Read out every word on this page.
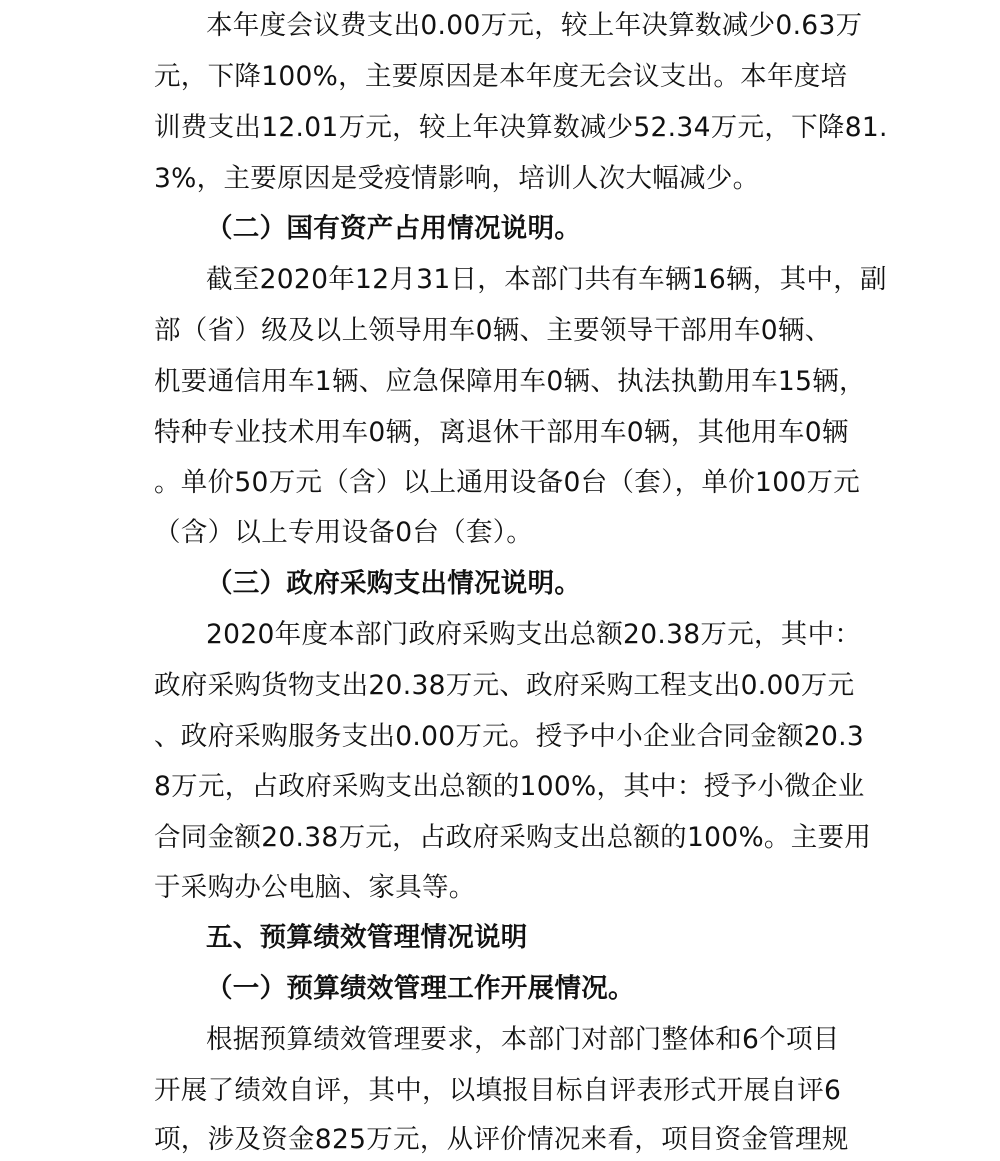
本年度会议费支出0.00万元，较上年决算数减少0.63万
元，下降100%，主要原因是本年度无会议支出。本年度培
训费支出12.01万元，较上年决算数减少52.34万元，下降81.
3%，主要原因是受疫情影响，培训人次大幅减少。
（二）国有资产占用情况说明。
截至2020年12月31日，本部门共有车辆16辆，其中，副
部（省）级及以上领导用车0辆、主要领导干部用车0辆、
机要通信用车1辆、应急保障用车0辆、执法执勤用车15辆，
特种专业技术用车0辆，离退休干部用车0辆，其他用车0辆
。单价50万元（含）以上通用设备0台（套），单价100万元
（含）以上专用设备0台（套）。
（三）政府采购支出情况说明。
2020年度本部门政府采购支出总额20.38万元，其中：
政府采购货物支出20.38万元、政府采购工程支出0.00万元
、政府采购服务支出0.00万元。授予中小企业合同金额20.3
8万元，占政府采购支出总额的100%，其中：授予小微企业
合同金额20.38万元，占政府采购支出总额的100%。主要用
于采购办公电脑、家具等。
五、预算绩效管理情况说明
（一）预算绩效管理工作开展情况。
根据预算绩效管理要求，本部门对部门整体和6个项目
开展了绩效自评，其中，以填报目标自评表形式开展自评6
项，涉及资金825万元，从评价情况来看，项目资金管理规
